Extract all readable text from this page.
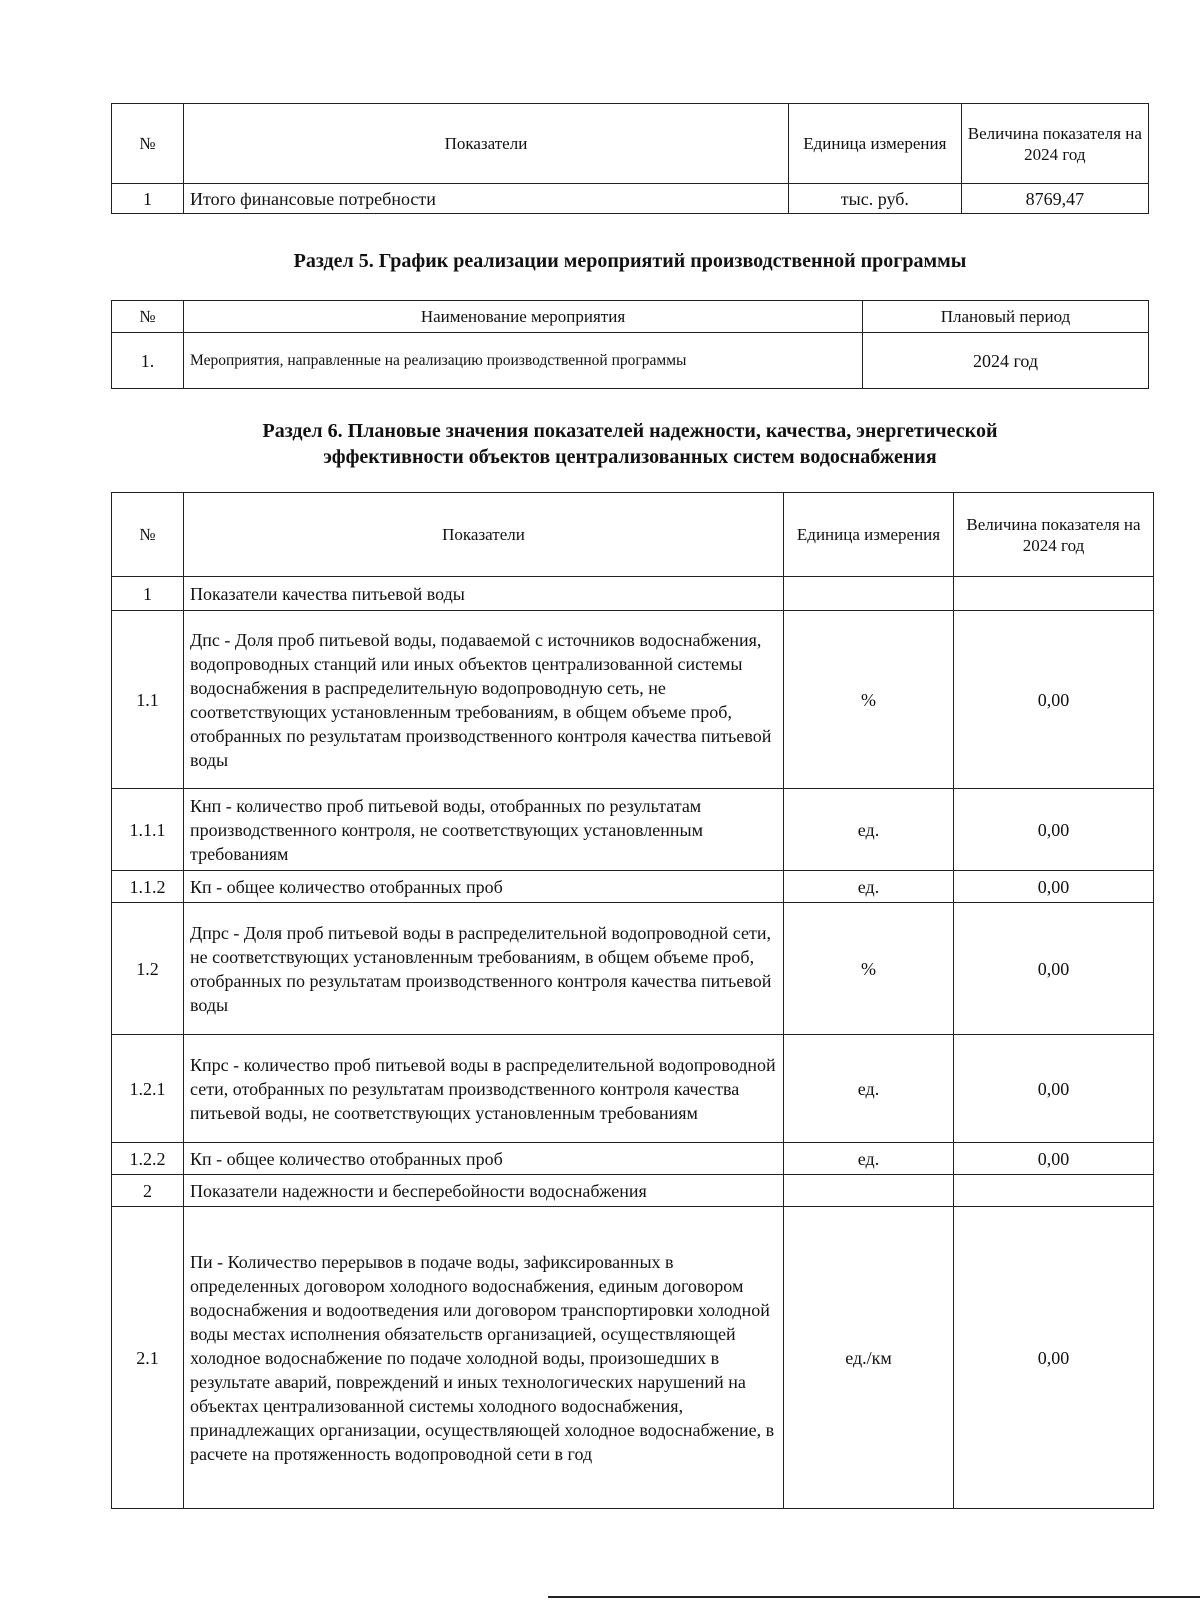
№	Показатели	Единица измерения	Величина показателя на 2024 год
1	Итого финансовые потребности	тыс. руб.	8769,47
Раздел 5. График реализации мероприятий производственной программы
№	Наименование мероприятия	Плановый период
1.	Мероприятия, направленные на реализацию производственной программы	2024 год
Раздел 6. Плановые значения показателей надежности, качества, энергетической
эффективности объектов централизованных систем водоснабжения
№	Показатели	Единица измерения	Величина показателя на 2024 год
1	Показатели качества питьевой воды		
1.1	Дпс - Доля проб питьевой воды, подаваемой с источников водоснабжения, водопроводных станций или иных объектов централизованной системы водоснабжения в распределительную водопроводную сеть, не соответствующих установленным требованиям, в общем объеме проб, отобранных по результатам производственного контроля качества питьевой воды	%	0,00
1.1.1	Кнп - количество проб питьевой воды, отобранных по результатам производственного контроля, не соответствующих установленным требованиям	ед.	0,00
1.1.2	Кп - общее количество отобранных проб	ед.	0,00
1.2	Дпрс - Доля проб питьевой воды в распределительной водопроводной сети, не соответствующих установленным требованиям, в общем объеме проб, отобранных по результатам производственного контроля качества питьевой воды	%	0,00
1.2.1	Кпрс - количество проб питьевой воды в распределительной водопроводной сети, отобранных по результатам производственного контроля качества питьевой воды, не соответствующих установленным требованиям	ед.	0,00
1.2.2	Кп - общее количество отобранных проб	ед.	0,00
2	Показатели надежности и бесперебойности водоснабжения		
2.1	Пи - Количество перерывов в подаче воды, зафиксированных в определенных договором холодного водоснабжения, единым договором водоснабжения и водоотведения или договором транспортировки холодной воды местах исполнения обязательств организацией, осуществляющей холодное водоснабжение по подаче холодной воды, произошедших в результате аварий, повреждений и иных технологических нарушений на объектах централизованной системы холодного водоснабжения, принадлежащих организации, осуществляющей холодное водоснабжение, в расчете на протяженность водопроводной сети в год	ед./км	0,00
